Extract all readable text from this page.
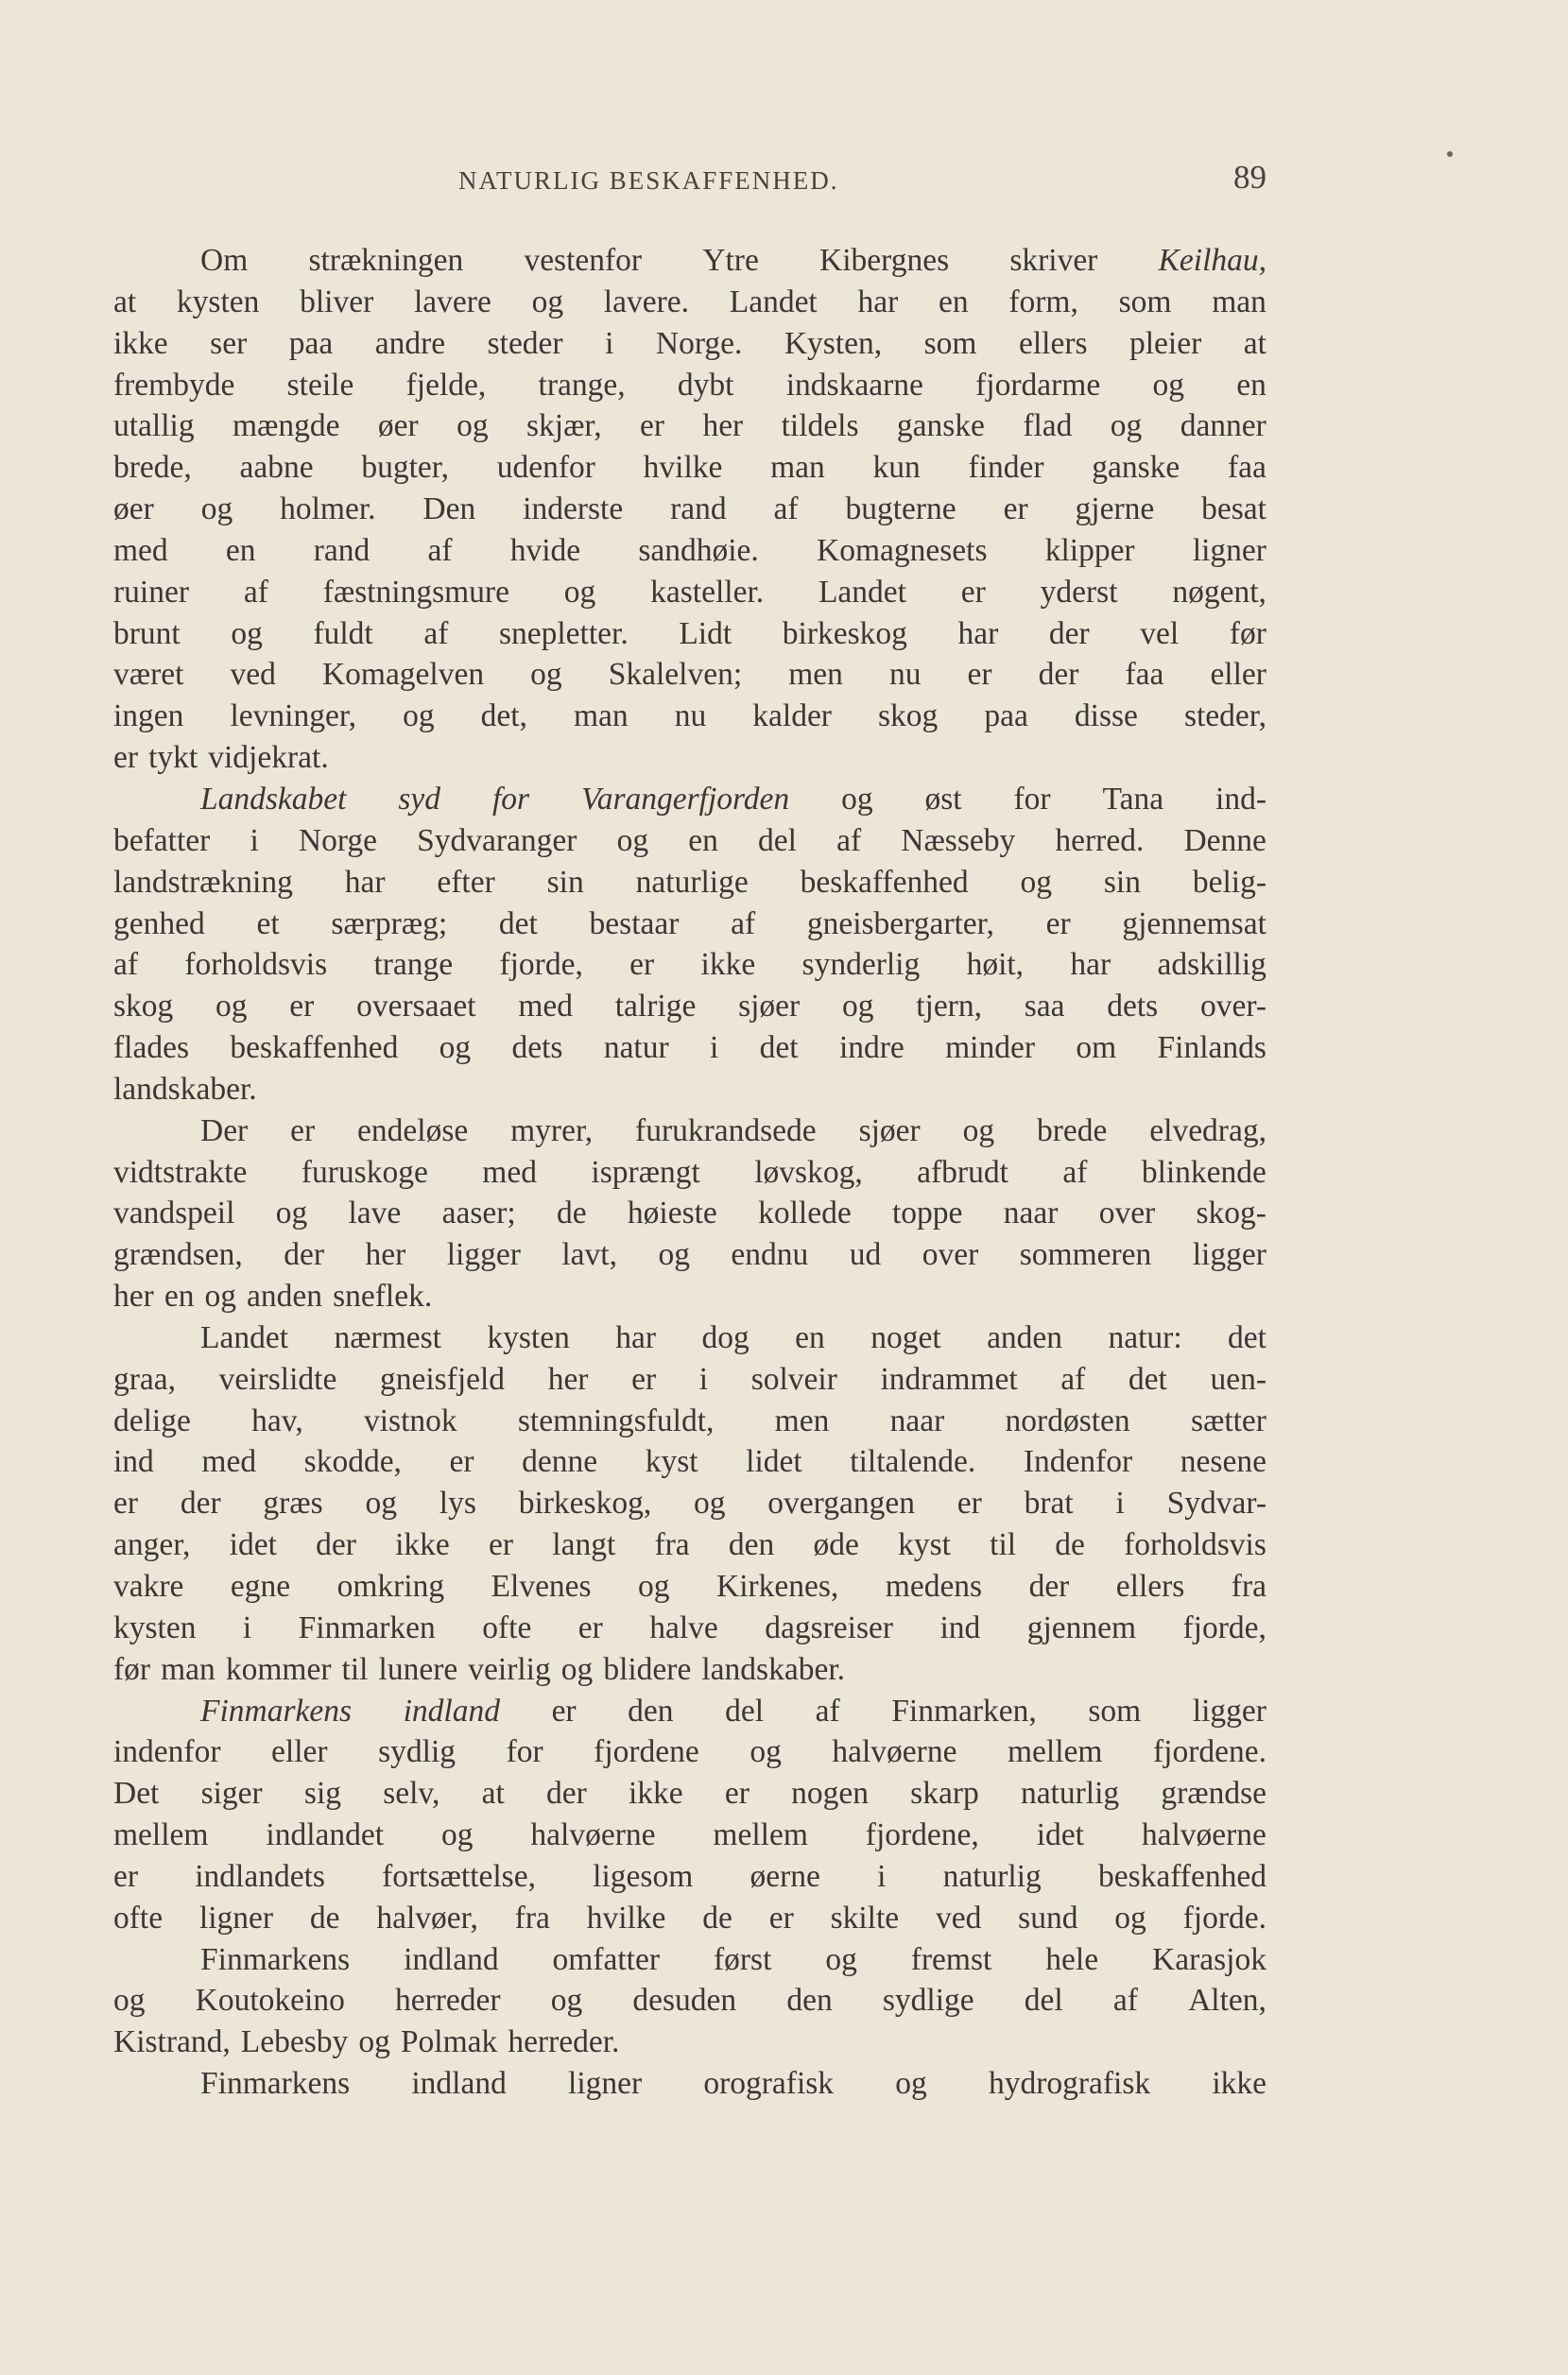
NATURLIG BESKAFFENHED.	89
Om strækningen vestenfor Ytre Kibergnes skriver Keilhau,
at kysten bliver lavere og lavere. Landet har en form, som man
ikke ser paa andre steder i Norge. Kysten, som ellers pleier at
frembyde steile fjelde, trange, dybt indskaarne fjordarme og en
utallig mængde øer og skjær, er her tildels ganske flad og danner
brede, aabne bugter, udenfor hvilke man kun finder ganske faa
øer og holmer. Den inderste rand af bugterne er gjerne besat
med en rand af hvide sandhøie. Komagnesets klipper ligner
ruiner af fæstningsmure og kasteller. Landet er yderst nøgent,
brunt og fuldt af snepletter. Lidt birkeskog har der vel før
været ved Komagelven og Skalelven; men nu er der faa eller
ingen levninger, og det, man nu kalder skog paa disse steder,
er tykt vidjekrat.
Landskabet syd for Varangerfjorden og øst for Tana ind-
befatter i Norge Sydvaranger og en del af Næsseby herred. Denne
landstrækning har efter sin naturlige beskaffenhed og sin belig-
genhed et særpræg; det bestaar af gneisbergarter, er gjennemsat
af forholdsvis trange fjorde, er ikke synderlig høit, har adskillig
skog og er oversaaet med talrige sjøer og tjern, saa dets over-
flades beskaffenhed og dets natur i det indre minder om Finlands
landskaber.
Der er endeløse myrer, furukrandsede sjøer og brede elvedrag,
vidtstrakte furuskoge med isprængt løvskog, afbrudt af blinkende
vandspeil og lave aaser; de høieste kollede toppe naar over skog-
grændsen, der her ligger lavt, og endnu ud over sommeren ligger
her en og anden sneflek.
Landet nærmest kysten har dog en noget anden natur: det
graa, veirslidte gneisfjeld her er i solveir indrammet af det uen-
delige hav, vistnok stemningsfuldt, men naar nordøsten sætter
ind med skodde, er denne kyst lidet tiltalende. Indenfor nesene
er der græs og lys birkeskog, og overgangen er brat i Sydvar-
anger, idet der ikke er langt fra den øde kyst til de forholdsvis
vakre egne omkring Elvenes og Kirkenes, medens der ellers fra
kysten i Finmarken ofte er halve dagsreiser ind gjennem fjorde,
før man kommer til lunere veirlig og blidere landskaber.
Finmarkens indland er den del af Finmarken, som ligger
indenfor eller sydlig for fjordene og halvøerne mellem fjordene.
Det siger sig selv, at der ikke er nogen skarp naturlig grændse
mellem indlandet og halvøerne mellem fjordene, idet halvøerne
er indlandets fortsættelse, ligesom øerne i naturlig beskaffenhed
ofte ligner de halvøer, fra hvilke de er skilte ved sund og fjorde.
Finmarkens indland omfatter først og fremst hele Karasjok
og Koutokeino herreder og desuden den sydlige del af Alten,
Kistrand, Lebesby og Polmak herreder.
Finmarkens indland ligner orografisk og hydrografisk ikke
